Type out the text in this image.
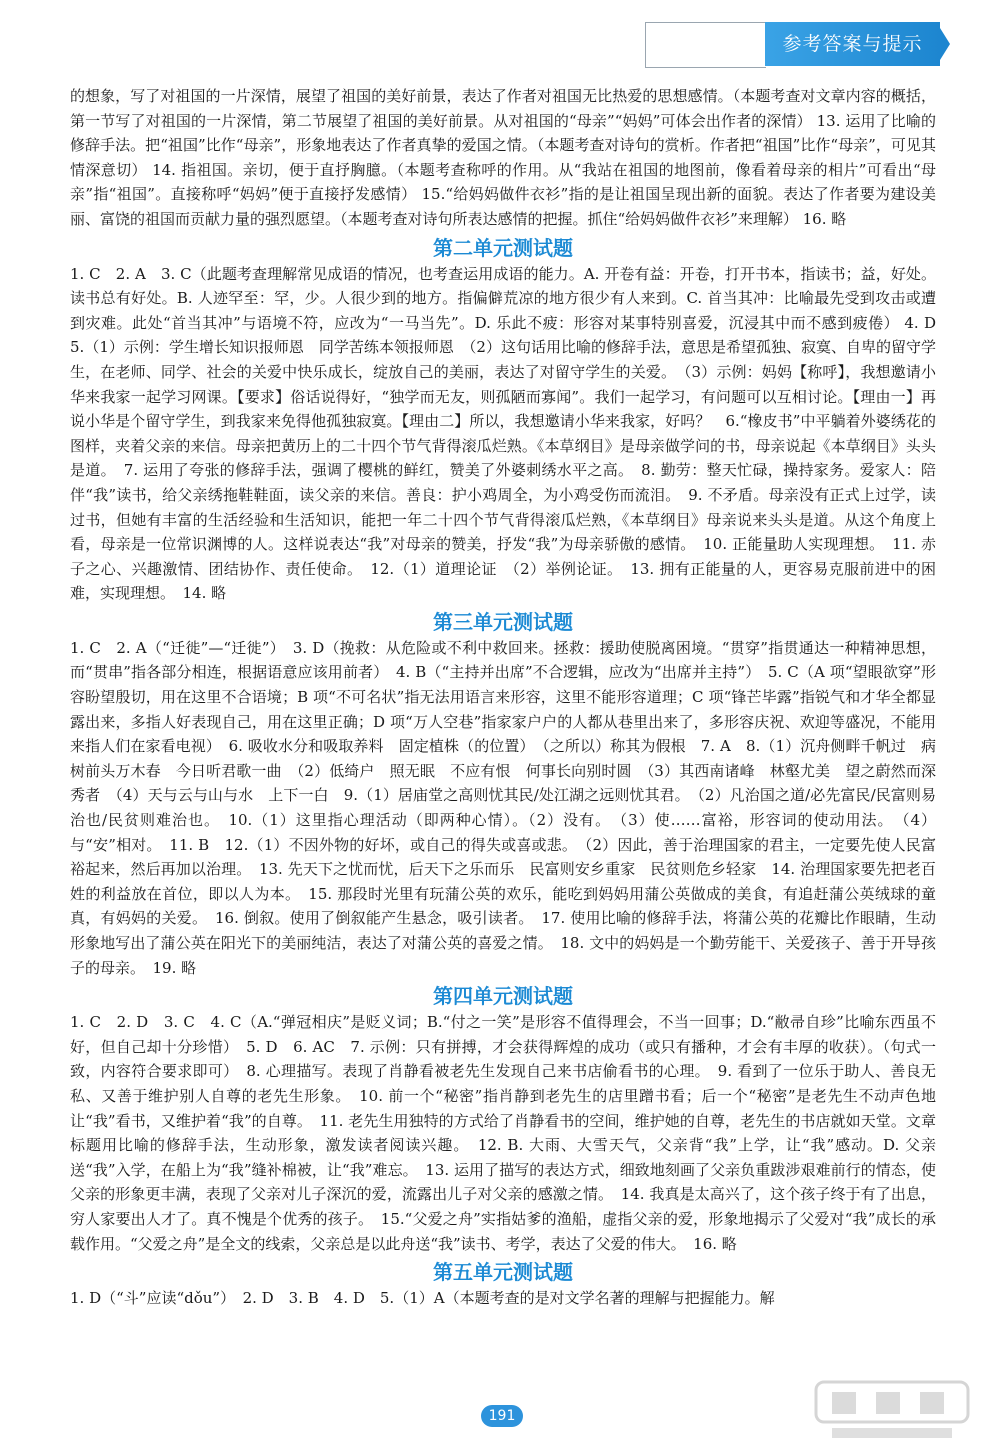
参考答案与提示

的想象，写了对祖国的一片深情，展望了祖国的美好前景，表达了作者对祖国无比热爱的思想感情。（本题考查对文章内容的概括，第一节写了对祖国的一片深情，第二节展望了祖国的美好前景。从对祖国的“母亲”“妈妈”可体会出作者的深情） 13. 运用了比喻的修辞手法。把“祖国”比作“母亲”，形象地表达了作者真挚的爱国之情。（本题考查对诗句的赏析。作者把“祖国”比作“母亲”，可见其情深意切） 14. 指祖国。亲切，便于直抒胸臆。（本题考查称呼的作用。从“我站在祖国的地图前，像看着母亲的相片”可看出“母亲”指“祖国”。直接称呼“妈妈”便于直接抒发感情） 15.“给妈妈做件衣衫”指的是让祖国呈现出新的面貌。表达了作者要为建设美丽、富饶的祖国而贡献力量的强烈愿望。（本题考查对诗句所表达感情的把握。抓住“给妈妈做件衣衫”来理解） 16. 略

第二单元测试题

1. C　2. A　3. C（此题考查理解常见成语的情况，也考查运用成语的能力。A. 开卷有益：开卷，打开书本，指读书；益，好处。读书总有好处。B. 人迹罕至：罕，少。人很少到的地方。指偏僻荒凉的地方很少有人来到。C. 首当其冲：比喻最先受到攻击或遭到灾难。此处“首当其冲”与语境不符，应改为“一马当先”。D. 乐此不疲：形容对某事特别喜爱，沉浸其中而不感到疲倦） 4. D　5.（1）示例：学生增长知识报师恩　同学苦练本领报师恩　（2）这句话用比喻的修辞手法，意思是希望孤独、寂寞、自卑的留守学生，在老师、同学、社会的关爱中快乐成长，绽放自己的美丽，表达了对留守学生的关爱。　（3）示例：妈妈【称呼】，我想邀请小华来我家一起学习网课。【要求】俗话说得好，“独学而无友，则孤陋而寡闻”。我们一起学习，有问题可以互相讨论。【理由一】再说小华是个留守学生，到我家来免得他孤独寂寞。【理由二】所以，我想邀请小华来我家，好吗？　6.“橡皮书”中平躺着外婆绣花的图样，夹着父亲的来信。母亲把黄历上的二十四个节气背得滚瓜烂熟。《本草纲目》是母亲做学问的书，母亲说起《本草纲目》头头是道。　7. 运用了夸张的修辞手法，强调了樱桃的鲜红，赞美了外婆刺绣水平之高。　8. 勤劳：整天忙碌，操持家务。爱家人：陪伴“我”读书，给父亲绣拖鞋鞋面，读父亲的来信。善良：护小鸡周全，为小鸡受伤而流泪。　9. 不矛盾。母亲没有正式上过学，读过书，但她有丰富的生活经验和生活知识，能把一年二十四个节气背得滚瓜烂熟，《本草纲目》母亲说来头头是道。从这个角度上看，母亲是一位常识渊博的人。这样说表达“我”对母亲的赞美，抒发“我”为母亲骄傲的感情。　10. 正能量助人实现理想。　11. 赤子之心、兴趣激情、团结协作、责任使命。　12.（1）道理论证　（2）举例论证。　13. 拥有正能量的人，更容易克服前进中的困难，实现理想。　14. 略

第三单元测试题

1. C　2. A（“迁徙”—“迁徙”）　3. D（挽救：从危险或不利中救回来。拯救：援助使脱离困境。“贯穿”指贯通达一种精神思想，而“贯串”指各部分相连，根据语意应该用前者）　4. B（“主持并出席”不合逻辑，应改为“出席并主持”）　5. C（A 项“望眼欲穿”形容盼望殷切，用在这里不合语境；B 项“不可名状”指无法用语言来形容，这里不能形容道理；C 项“锋芒毕露”指锐气和才华全都显露出来，多指人好表现自己，用在这里正确；D 项“万人空巷”指家家户户的人都从巷里出来了，多形容庆祝、欢迎等盛况，不能用来指人们在家看电视）　6. 吸收水分和吸取养料　固定植株（的位置）　（之所以）称其为假根　7. A　8.（1）沉舟侧畔千帆过　病树前头万木春　今日听君歌一曲　（2）低绮户　照无眠　不应有恨　何事长向别时圆　（3）其西南诸峰　林壑尤美　望之蔚然而深秀者　（4）天与云与山与水　上下一白　9.（1）居庙堂之高则忧其民/处江湖之远则忧其君。　（2）凡治国之道/必先富民/民富则易治也/民贫则难治也。　10.（1）这里指心理活动（即两种心情）。（2）没有。　（3）使……富裕，形容词的使动用法。　（4）与“安”相对。　11. B　12.（1）不因外物的好坏，或自己的得失或喜或悲。　（2）因此，善于治理国家的君主，一定要先使人民富裕起来，然后再加以治理。　13. 先天下之忧而忧，后天下之乐而乐　民富则安乡重家　民贫则危乡轻家　14. 治理国家要先把老百姓的利益放在首位，即以人为本。　15. 那段时光里有玩蒲公英的欢乐，能吃到妈妈用蒲公英做成的美食，有追赶蒲公英绒球的童真，有妈妈的关爱。　16. 倒叙。使用了倒叙能产生悬念，吸引读者。　17. 使用比喻的修辞手法，将蒲公英的花瓣比作眼睛，生动形象地写出了蒲公英在阳光下的美丽纯洁，表达了对蒲公英的喜爱之情。　18. 文中的妈妈是一个勤劳能干、关爱孩子、善于开导孩子的母亲。　19. 略

第四单元测试题

1. C　2. D　3. C　4. C（A.“弹冠相庆”是贬义词；B.“付之一笑”是形容不值得理会，不当一回事；D.“敝帚自珍”比喻东西虽不好，但自己却十分珍惜）　5. D　6. AC　7. 示例：只有拼搏，才会获得辉煌的成功（或只有播种，才会有丰厚的收获）。（句式一致，内容符合要求即可）　8. 心理描写。表现了肖静看被老先生发现自己来书店偷看书的心理。　9. 看到了一位乐于助人、善良无私、又善于维护别人自尊的老先生形象。　10. 前一个“秘密”指肖静到老先生的店里蹭书看；后一个“秘密”是老先生不动声色地让“我”看书，又维护着“我”的自尊。　11. 老先生用独特的方式给了肖静看书的空间，维护她的自尊，老先生的书店就如天堂。文章标题用比喻的修辞手法，生动形象，激发读者阅读兴趣。　12. B. 大雨、大雪天气，父亲背“我”上学，让“我”感动。D. 父亲送“我”入学，在船上为“我”缝补棉被，让“我”难忘。　13. 运用了描写的表达方式，细致地刻画了父亲负重跋涉艰难前行的情态，使父亲的形象更丰满，表现了父亲对儿子深沉的爱，流露出儿子对父亲的感激之情。　14. 我真是太高兴了，这个孩子终于有了出息，穷人家要出人才了。真不愧是个优秀的孩子。　15.“父爱之舟”实指姑爹的渔船，虚指父亲的爱，形象地揭示了父爱对“我”成长的承载作用。“父爱之舟”是全文的线索，父亲总是以此舟送“我”读书、考学，表达了父爱的伟大。　16. 略

第五单元测试题

1. D（“斗”应读“dǒu”）　2. D　3. B　4. D　5.（1）A（本题考查的是对文学名著的理解与把握能力。解

191
